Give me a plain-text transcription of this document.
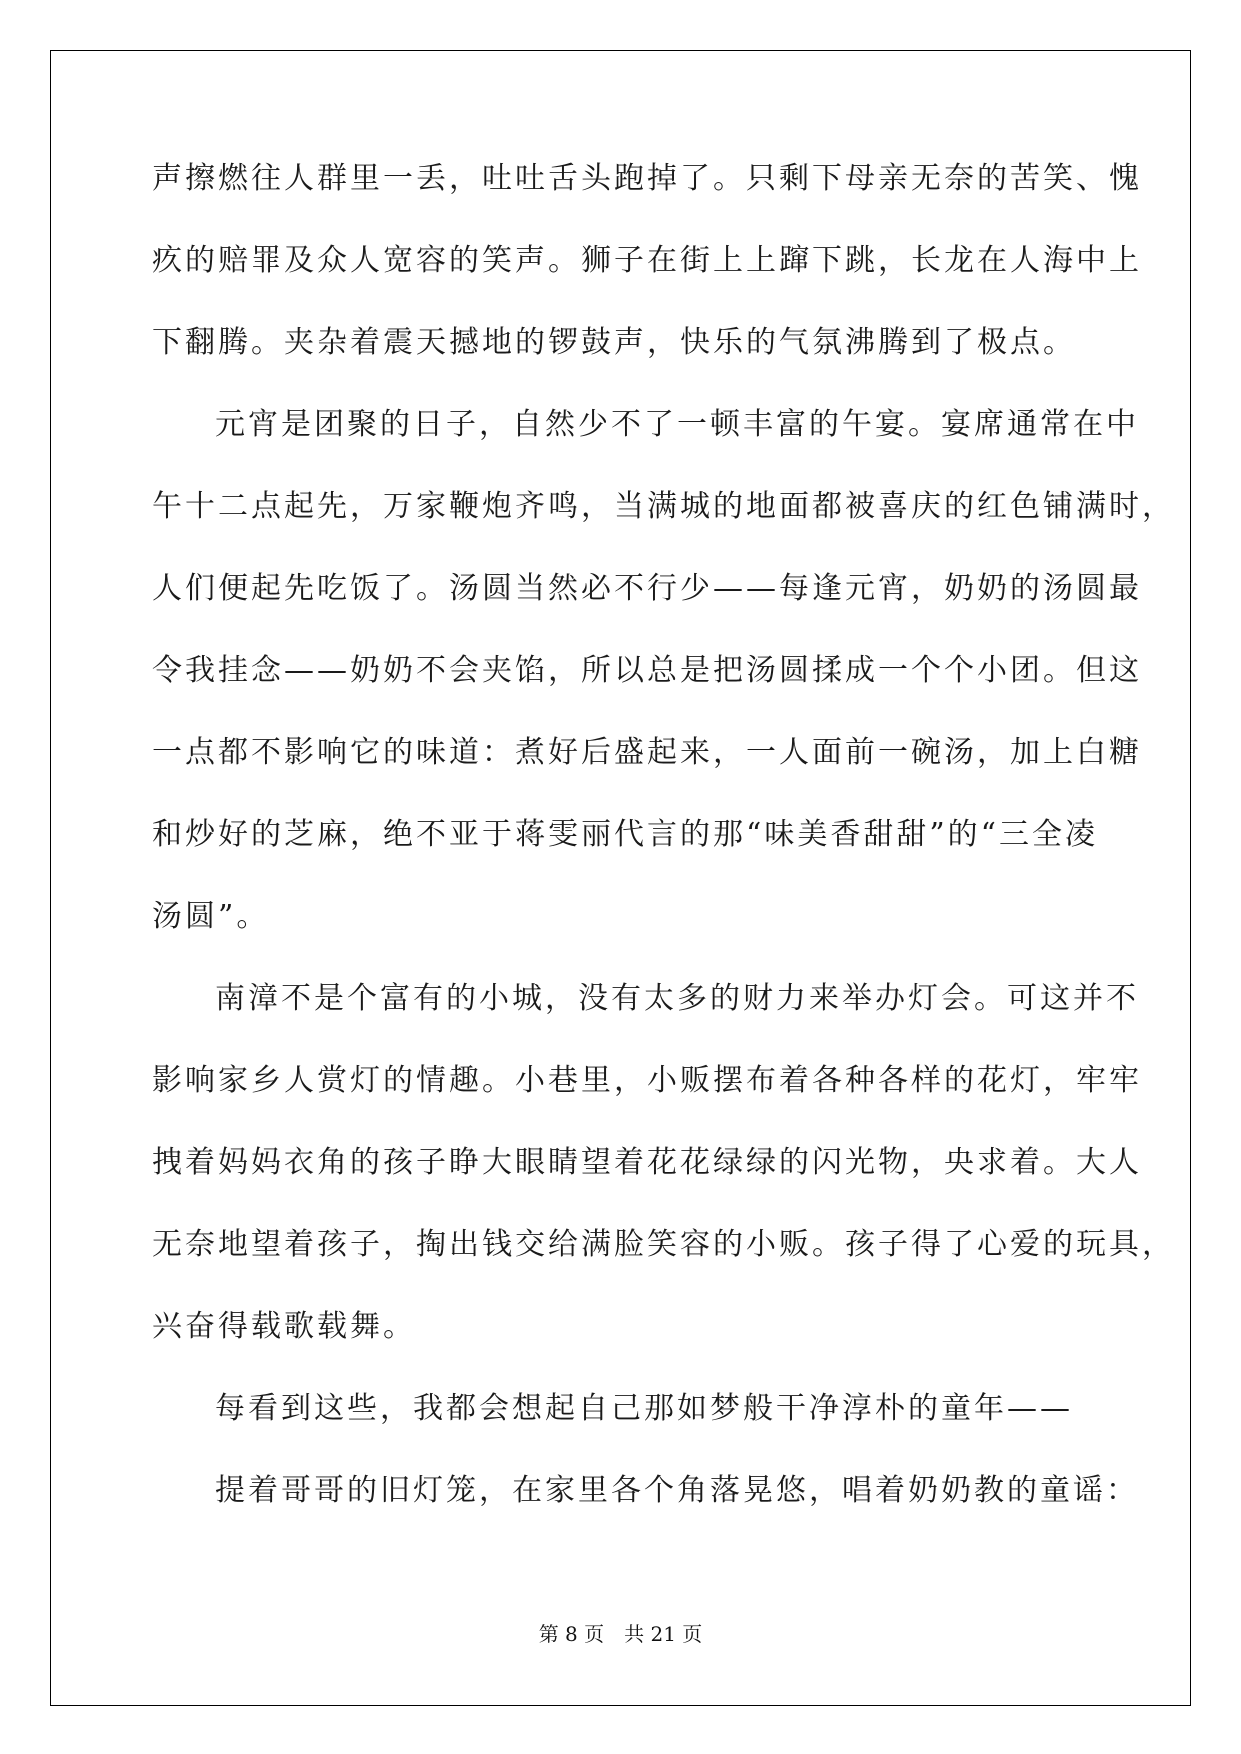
声擦燃往人群里一丢，吐吐舌头跑掉了。只剩下母亲无奈的苦笑、愧
疚的赔罪及众人宽容的笑声。狮子在街上上蹿下跳，长龙在人海中上
下翻腾。夹杂着震天撼地的锣鼓声，快乐的气氛沸腾到了极点。
元宵是团聚的日子，自然少不了一顿丰富的午宴。宴席通常在中
午十二点起先，万家鞭炮齐鸣，当满城的地面都被喜庆的红色铺满时，
人们便起先吃饭了。汤圆当然必不行少——每逢元宵，奶奶的汤圆最
令我挂念——奶奶不会夹馅，所以总是把汤圆揉成一个个小团。但这
一点都不影响它的味道：煮好后盛起来，一人面前一碗汤，加上白糖
和炒好的芝麻，绝不亚于蒋雯丽代言的那“味美香甜甜”的“三全凌
汤圆”。
南漳不是个富有的小城，没有太多的财力来举办灯会。可这并不
影响家乡人赏灯的情趣。小巷里，小贩摆布着各种各样的花灯，牢牢
拽着妈妈衣角的孩子睁大眼睛望着花花绿绿的闪光物，央求着。大人
无奈地望着孩子，掏出钱交给满脸笑容的小贩。孩子得了心爱的玩具，
兴奋得载歌载舞。
每看到这些，我都会想起自己那如梦般干净淳朴的童年——
提着哥哥的旧灯笼，在家里各个角落晃悠，唱着奶奶教的童谣：

第 8 页　共 21 页
